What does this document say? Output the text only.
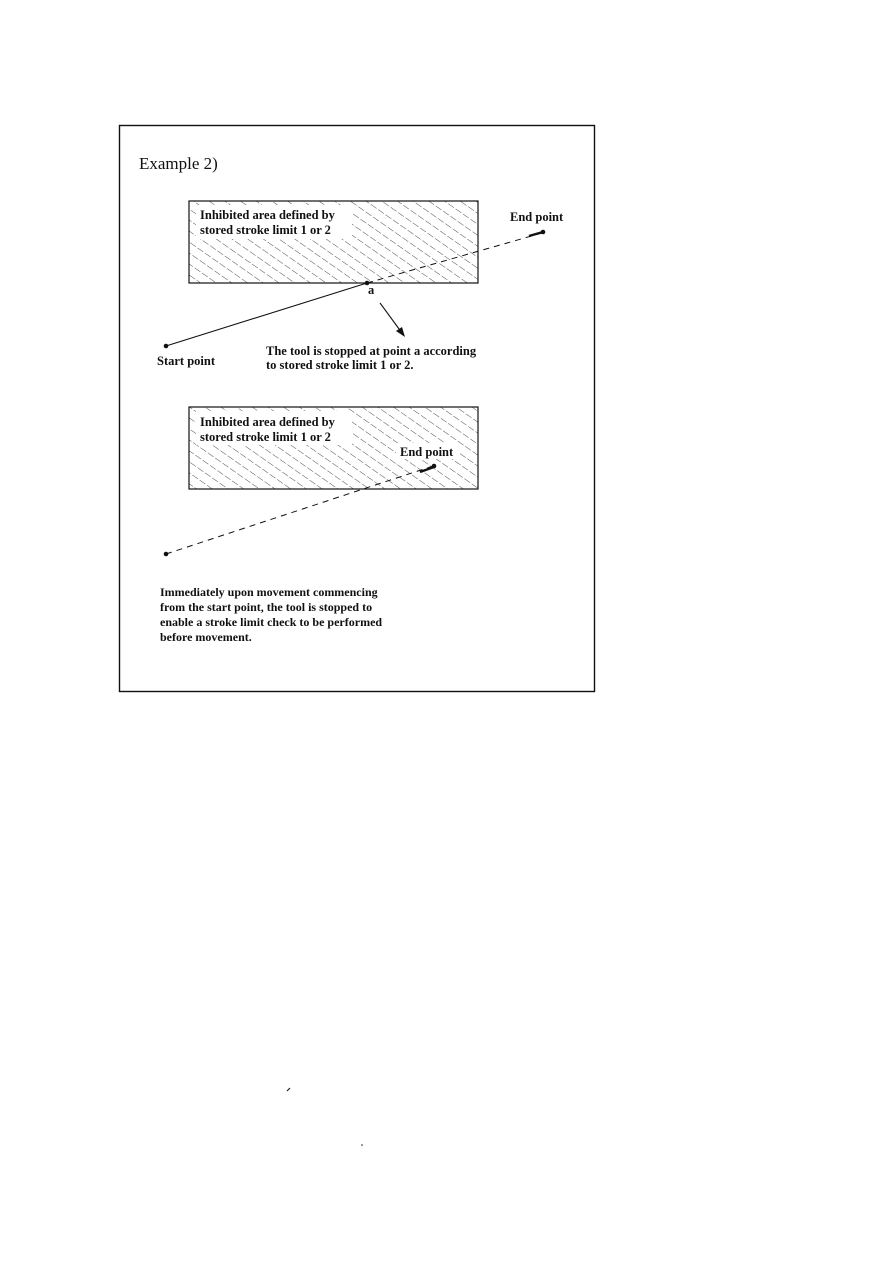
Example 2)
Inhibited area defined by
stored stroke limit 1 or 2
End point
Start point
a
The tool is stopped at point a according
to stored stroke limit 1 or 2.
Inhibited area defined by
stored stroke limit 1 or 2
End point
Immediately upon movement commencing
from the start point, the tool is stopped to
enable a stroke limit check to be performed
before movement.
